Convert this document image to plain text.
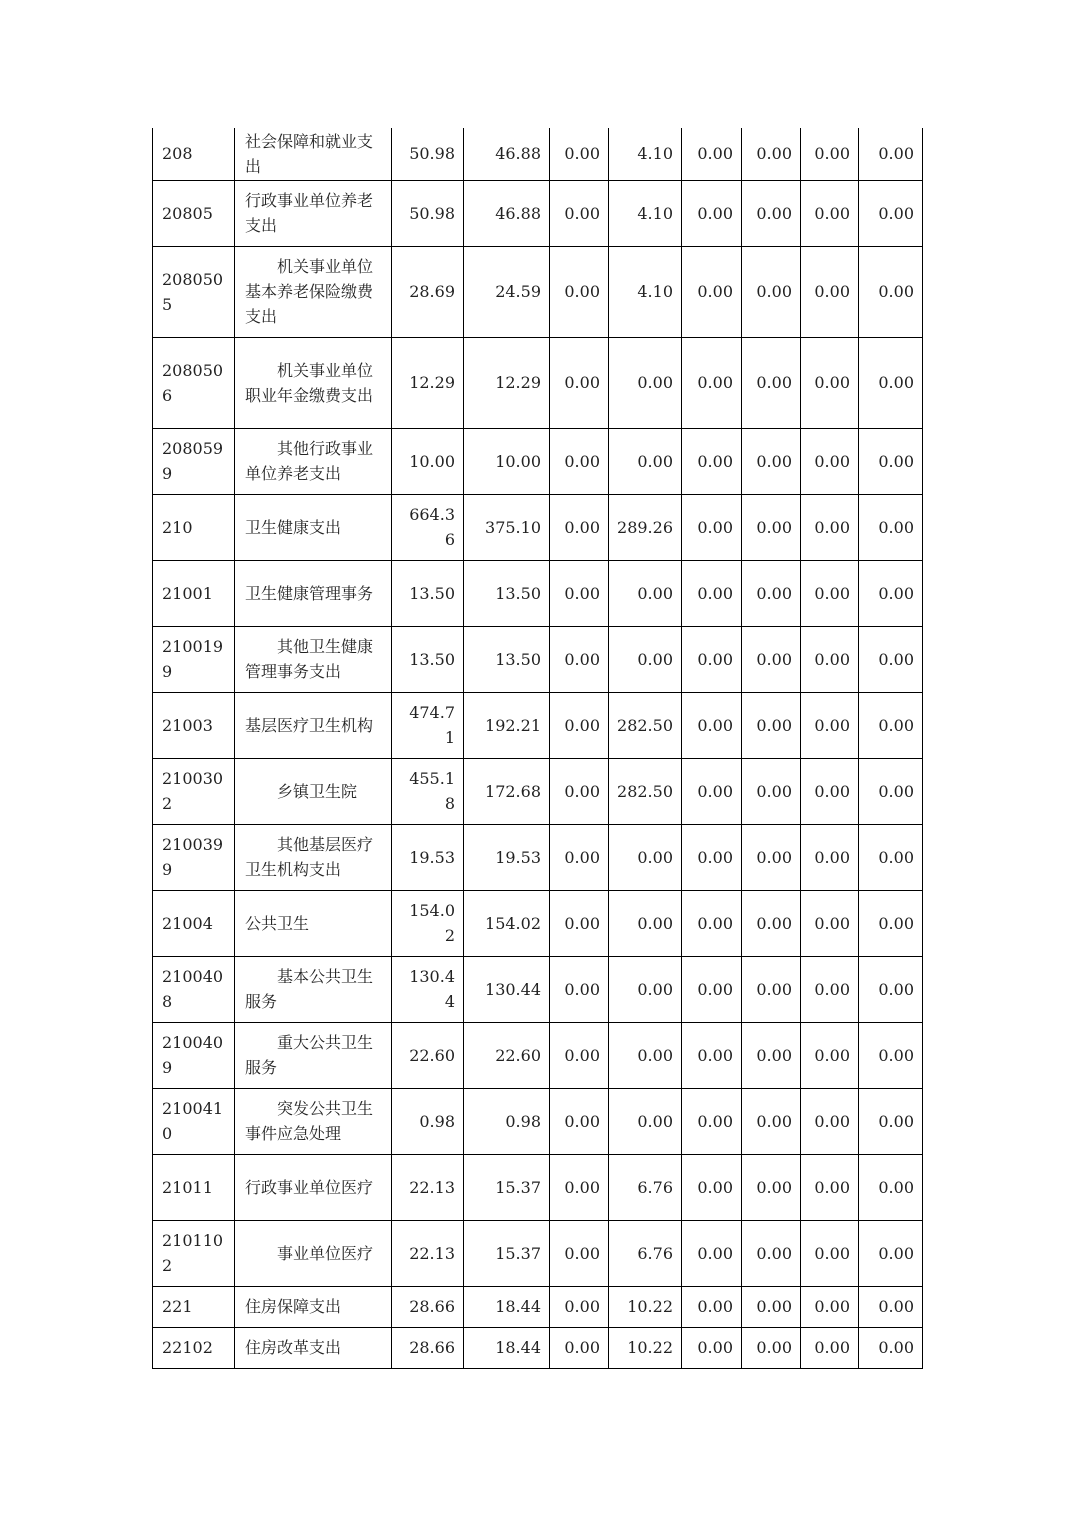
208	社会保障和就业支出	50.98	46.88	0.00	4.10	0.00	0.00	0.00	0.00
20805	行政事业单位养老支出	50.98	46.88	0.00	4.10	0.00	0.00	0.00	0.00
2080505	机关事业单位基本养老保险缴费支出	28.69	24.59	0.00	4.10	0.00	0.00	0.00	0.00
2080506	机关事业单位职业年金缴费支出	12.29	12.29	0.00	0.00	0.00	0.00	0.00	0.00
2080599	其他行政事业单位养老支出	10.00	10.00	0.00	0.00	0.00	0.00	0.00	0.00
210	卫生健康支出	664.36	375.10	0.00	289.26	0.00	0.00	0.00	0.00
21001	卫生健康管理事务	13.50	13.50	0.00	0.00	0.00	0.00	0.00	0.00
2100199	其他卫生健康管理事务支出	13.50	13.50	0.00	0.00	0.00	0.00	0.00	0.00
21003	基层医疗卫生机构	474.71	192.21	0.00	282.50	0.00	0.00	0.00	0.00
2100302	乡镇卫生院	455.18	172.68	0.00	282.50	0.00	0.00	0.00	0.00
2100399	其他基层医疗卫生机构支出	19.53	19.53	0.00	0.00	0.00	0.00	0.00	0.00
21004	公共卫生	154.02	154.02	0.00	0.00	0.00	0.00	0.00	0.00
2100408	基本公共卫生服务	130.44	130.44	0.00	0.00	0.00	0.00	0.00	0.00
2100409	重大公共卫生服务	22.60	22.60	0.00	0.00	0.00	0.00	0.00	0.00
2100410	突发公共卫生事件应急处理	0.98	0.98	0.00	0.00	0.00	0.00	0.00	0.00
21011	行政事业单位医疗	22.13	15.37	0.00	6.76	0.00	0.00	0.00	0.00
2101102	事业单位医疗	22.13	15.37	0.00	6.76	0.00	0.00	0.00	0.00
221	住房保障支出	28.66	18.44	0.00	10.22	0.00	0.00	0.00	0.00
22102	住房改革支出	28.66	18.44	0.00	10.22	0.00	0.00	0.00	0.00
